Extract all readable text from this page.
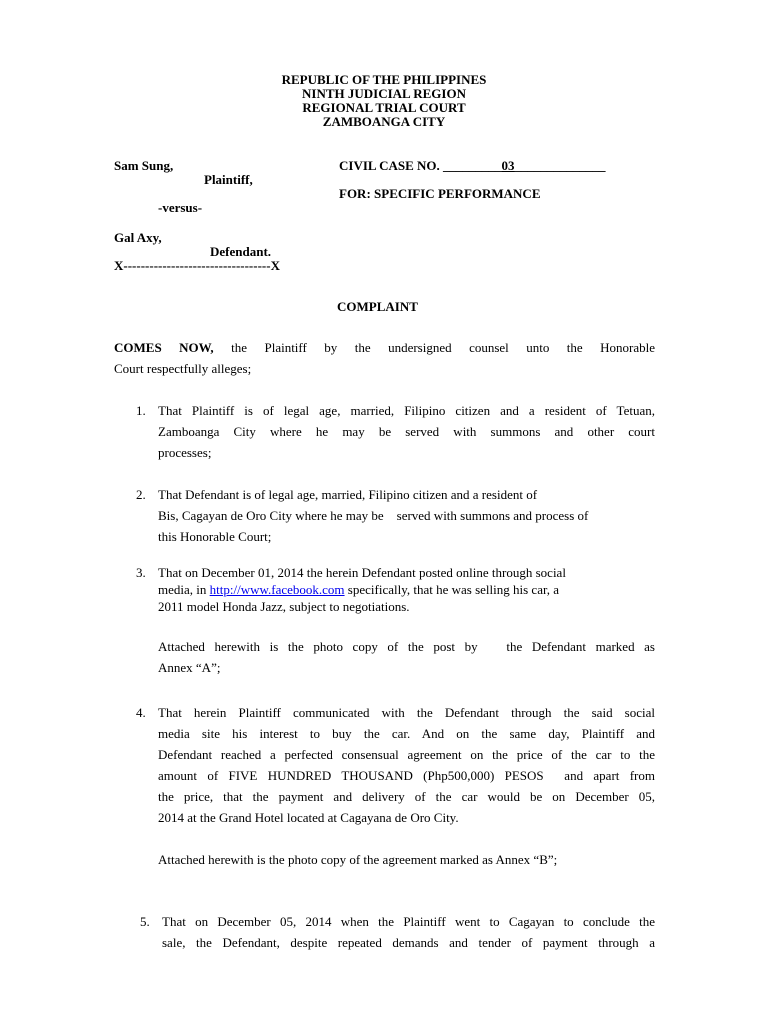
REPUBLIC OF THE PHILIPPINES
NINTH JUDICIAL REGION
REGIONAL TRIAL COURT
ZAMBOANGA CITY
Sam Sung,
Plaintiff,
-versus-
Gal Axy,
Defendant.
X----------------------------------X
CIVIL CASE NO. _________03______________
FOR: SPECIFIC PERFORMANCE
COMPLAINT
COMES NOW, the Plaintiff by the undersigned counsel unto the Honorable
Court respectfully alleges;
1. That Plaintiff is of legal age, married, Filipino citizen and a resident of Tetuan,
Zamboanga City where he may be served with summons and other court
processes;
2. That Defendant is of legal age, married, Filipino citizen and a resident of
Bis, Cagayan de Oro City where he may be    served with summons and process of
this Honorable Court;
3. That on December 01, 2014 the herein Defendant posted online through social
media, in http://www.facebook.com specifically, that he was selling his car, a
2011 model Honda Jazz, subject to negotiations.
Attached herewith is the photo copy of the post by   the Defendant marked as
Annex “A”;
4. That herein Plaintiff communicated with the Defendant through the said social
media site his interest to buy the car. And on the same day, Plaintiff and
Defendant reached a perfected consensual agreement on the price of the car to the
amount of FIVE HUNDRED THOUSAND (Php500,000) PESOS  and apart from
the price, that the payment and delivery of the car would be on December 05,
2014 at the Grand Hotel located at Cagayana de Oro City.
Attached herewith is the photo copy of the agreement marked as Annex “B”;
5. That on December 05, 2014 when the Plaintiff went to Cagayan to conclude the
sale, the Defendant, despite repeated demands and tender of payment through a
